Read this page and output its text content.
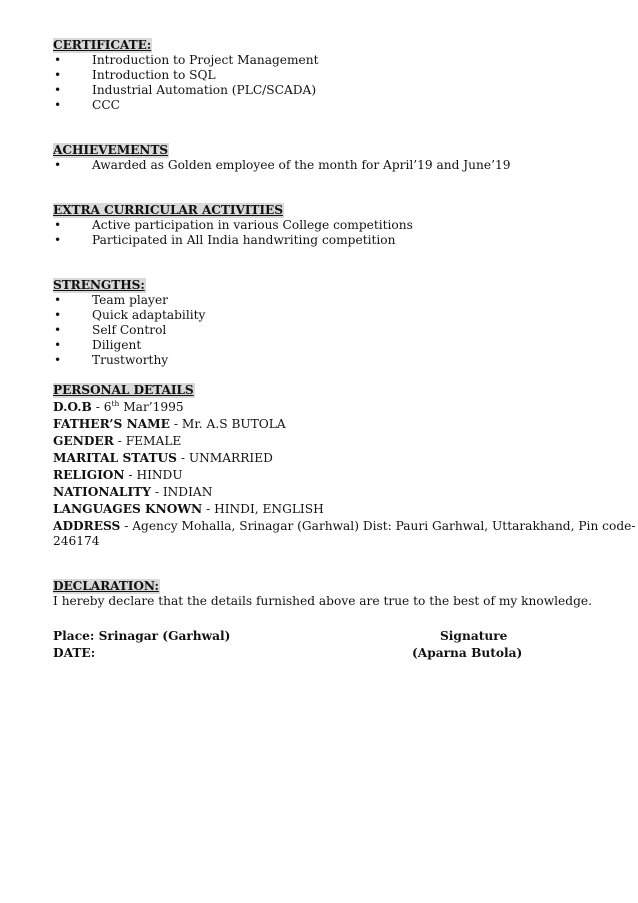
CERTIFICATE:
•	Introduction to Project Management
•	Introduction to SQL
•	Industrial Automation (PLC/SCADA)
•	CCC
ACHIEVEMENTS
•	Awarded as Golden employee of the month for April’19 and June’19
EXTRA CURRICULAR ACTIVITIES
•	Active participation in various College competitions
•	Participated in All India handwriting competition
STRENGTHS:
•	Team player
•	Quick adaptability
•	Self Control
•	Diligent
•	Trustworthy
PERSONAL DETAILS

D.O.B - 6th Mar’1995

FATHER’S NAME - Mr. A.S BUTOLA

GENDER - FEMALE

MARITAL STATUS - UNMARRIED

RELIGION - HINDU

NATIONALITY - INDIAN

LANGUAGES KNOWN - HINDI, ENGLISH

ADDRESS - Agency Mohalla, Srinagar (Garhwal) Dist: Pauri Garhwal, Uttarakhand, Pin code-
246174

DECLARATION:
I hereby declare that the details furnished above are true to the best of my knowledge.
Place: Srinagar (Garhwal)	Signature
DATE:	(Aparna Butola)
